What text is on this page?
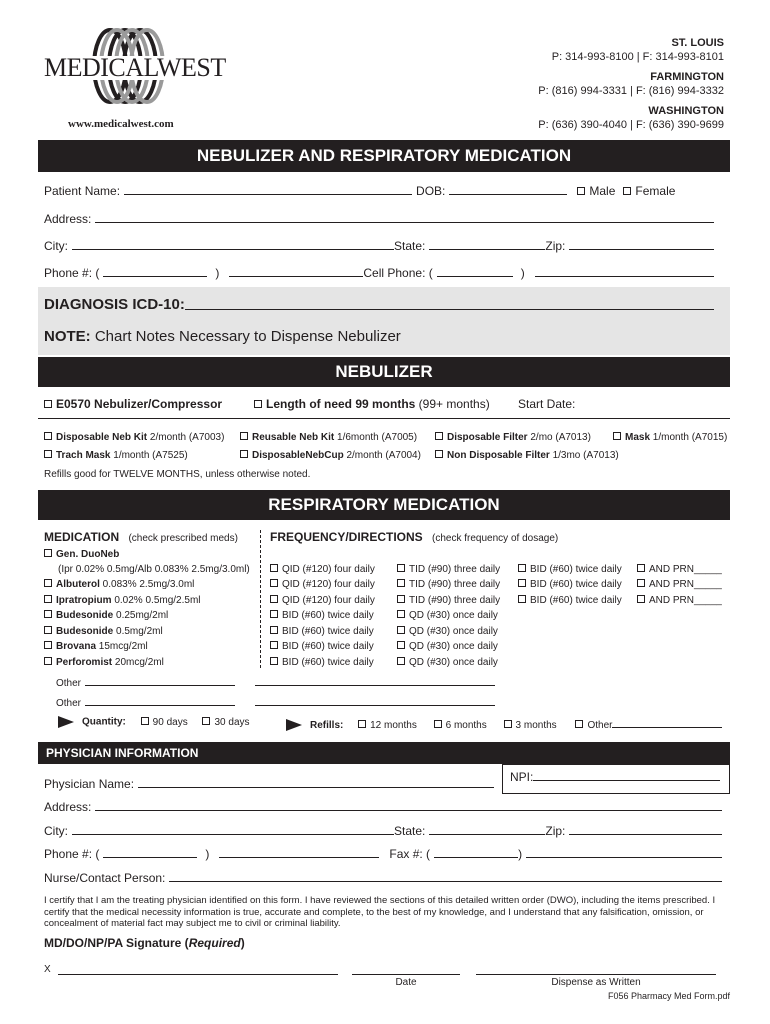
MEDICALWEST
www.medicalwest.com
ST. LOUIS
P: 314-993-8100 | F: 314-993-8101
FARMINGTON
P: (816) 994-3331 | F: (816) 994-3332
WASHINGTON
P: (636) 390-4040 | F: (636) 390-9699
NEBULIZER AND RESPIRATORY MEDICATION
Patient Name:	DOB:	Male	Female
Address:
City:	State:	Zip:
Phone #: (	)	Cell Phone: (	)
DIAGNOSIS ICD-10:
NOTE: Chart Notes Necessary to Dispense Nebulizer
NEBULIZER
E0570 Nebulizer/Compressor	Length of need 99 months (99+ months) Start Date:
Disposable Neb Kit 2/month (A7003)	Reusable Neb Kit 1/6month (A7005)	Disposable Filter 2/mo (A7013)	Mask 1/month (A7015)
Trach Mask 1/month (A7525)	DisposableNebCup 2/month (A7004)	Non Disposable Filter 1/3mo (A7013)
Refills good for TWELVE MONTHS, unless otherwise noted.
RESPIRATORY MEDICATION
MEDICATION (check prescribed meds)	FREQUENCY/DIRECTIONS (check frequency of dosage)
Gen. DuoNeb
(Ipr 0.02% 0.5mg/Alb 0.083% 2.5mg/3.0ml)
Albuterol 0.083% 2.5mg/3.0ml
Ipratropium 0.02% 0.5mg/2.5ml
Budesonide 0.25mg/2ml
Budesonide 0.5mg/2ml
Brovana 15mcg/2ml
Perforomist 20mcg/2ml
QID (#120) four daily	TID (#90) three daily	BID (#60) twice daily	AND PRN_____
QID (#120) four daily	TID (#90) three daily	BID (#60) twice daily	AND PRN_____
QID (#120) four daily	TID (#90) three daily	BID (#60) twice daily	AND PRN_____
BID (#60) twice daily	QD (#30) once daily
BID (#60) twice daily	QD (#30) once daily
BID (#60) twice daily	QD (#30) once daily
BID (#60) twice daily	QD (#30) once daily
Other
Other
Quantity:	90 days	30 days	Refills:	12 months	6 months	3 months	Other
PHYSICIAN INFORMATION
NPI:
Physician Name:
Address:
City:	State:	Zip:
Phone #: (	)	Fax #: (	)
Nurse/Contact Person:
I certify that I am the treating physician identified on this form. I have reviewed the sections of this detailed written order (DWO), including the items prescribed. I certify that the medical necessity information is true, accurate and complete, to the best of my knowledge, and I understand that any falsification, omission, or concealment of material fact may subject me to civil or criminal liability.
MD/DO/NP/PA Signature (Required)
X
Date	Dispense as Written
F056 Pharmacy Med Form.pdf
